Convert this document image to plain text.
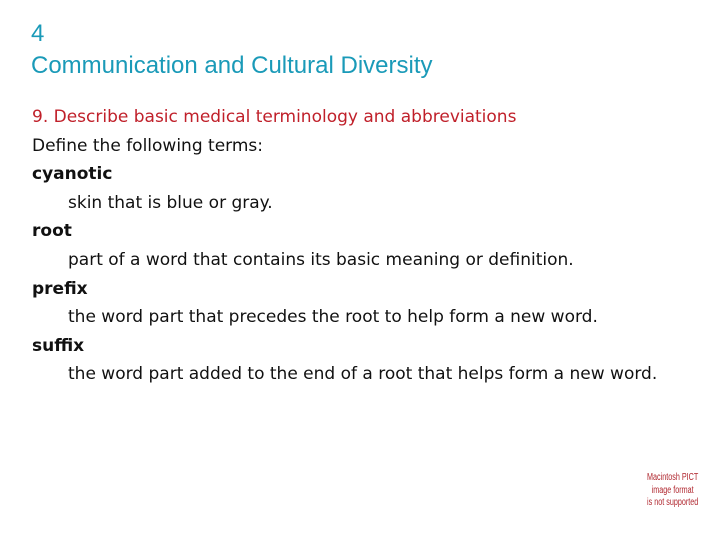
4
Communication and Cultural Diversity
9. Describe basic medical terminology and abbreviations
Define the following terms:
cyanotic
skin that is blue or gray.
root
part of a word that contains its basic meaning or definition.
prefix
the word part that precedes the root to help form a new word.
suffix
the word part added to the end of a root that helps form a new word.
Macintosh PICT
image format
is not supported
